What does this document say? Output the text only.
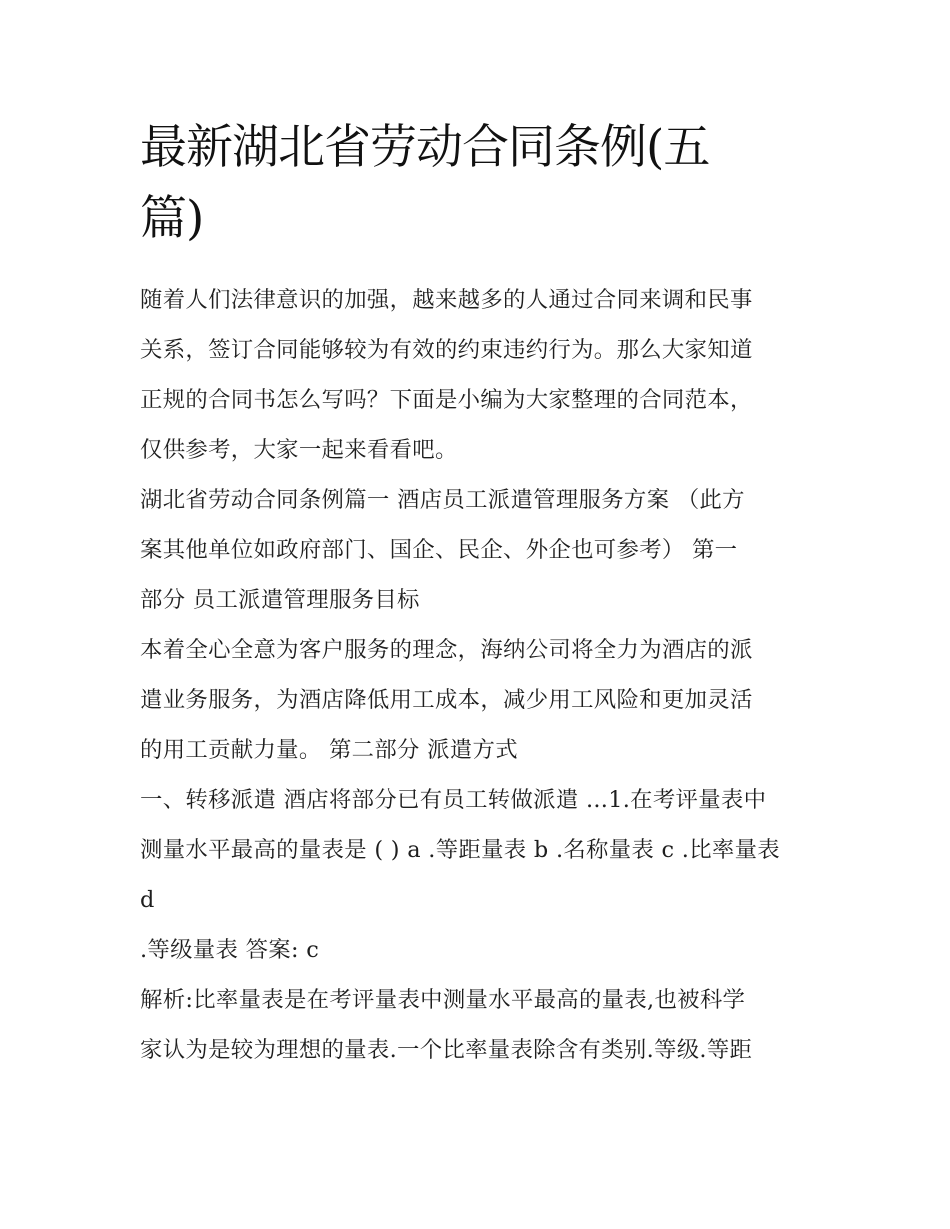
最新湖北省劳动合同条例(五
篇)

随着人们法律意识的加强，越来越多的人通过合同来调和民事
关系，签订合同能够较为有效的约束违约行为。那么大家知道
正规的合同书怎么写吗？下面是小编为大家整理的合同范本，
仅供参考，大家一起来看看吧。

湖北省劳动合同条例篇一 酒店员工派遣管理服务方案 （此方
案其他单位如政府部门、国企、民企、外企也可参考） 第一
部分 员工派遣管理服务目标

本着全心全意为客户服务的理念，海纳公司将全力为酒店的派
遣业务服务，为酒店降低用工成本，减少用工风险和更加灵活
的用工贡献力量。 第二部分 派遣方式

一、转移派遣 酒店将部分已有员工转做派遣 ...1.在考评量表中
测量水平最高的量表是 ( ) a .等距量表 b .名称量表 c .比率量表
d

.等级量表 答案: c

解析:比率量表是在考评量表中测量水平最高的量表,也被科学
家认为是较为理想的量表.一个比率量表除含有类别.等级.等距
